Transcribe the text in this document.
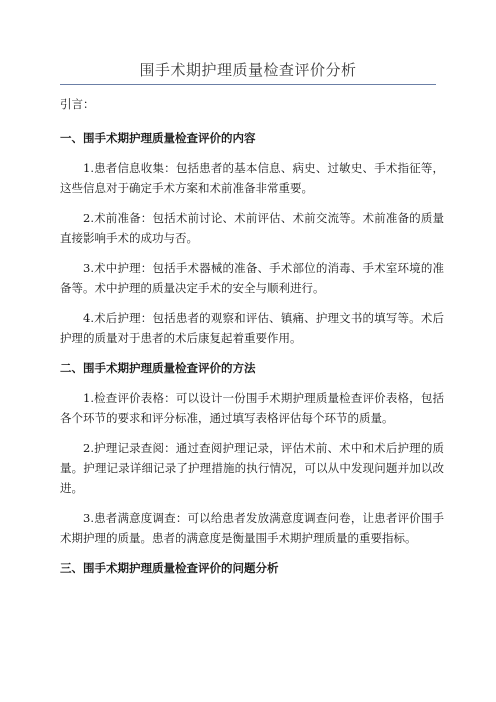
围手术期护理质量检查评价分析

引言：

一、围手术期护理质量检查评价的内容

1.患者信息收集：包括患者的基本信息、病史、过敏史、手术指征等，这些信息对于确定手术方案和术前准备非常重要。

2.术前准备：包括术前讨论、术前评估、术前交流等。术前准备的质量直接影响手术的成功与否。

3.术中护理：包括手术器械的准备、手术部位的消毒、手术室环境的准备等。术中护理的质量决定手术的安全与顺利进行。

4.术后护理：包括患者的观察和评估、镇痛、护理文书的填写等。术后护理的质量对于患者的术后康复起着重要作用。

二、围手术期护理质量检查评价的方法

1.检查评价表格：可以设计一份围手术期护理质量检查评价表格，包括各个环节的要求和评分标准，通过填写表格评估每个环节的质量。

2.护理记录查阅：通过查阅护理记录，评估术前、术中和术后护理的质量。护理记录详细记录了护理措施的执行情况，可以从中发现问题并加以改进。

3.患者满意度调查：可以给患者发放满意度调查问卷，让患者评价围手术期护理的质量。患者的满意度是衡量围手术期护理质量的重要指标。

三、围手术期护理质量检查评价的问题分析
